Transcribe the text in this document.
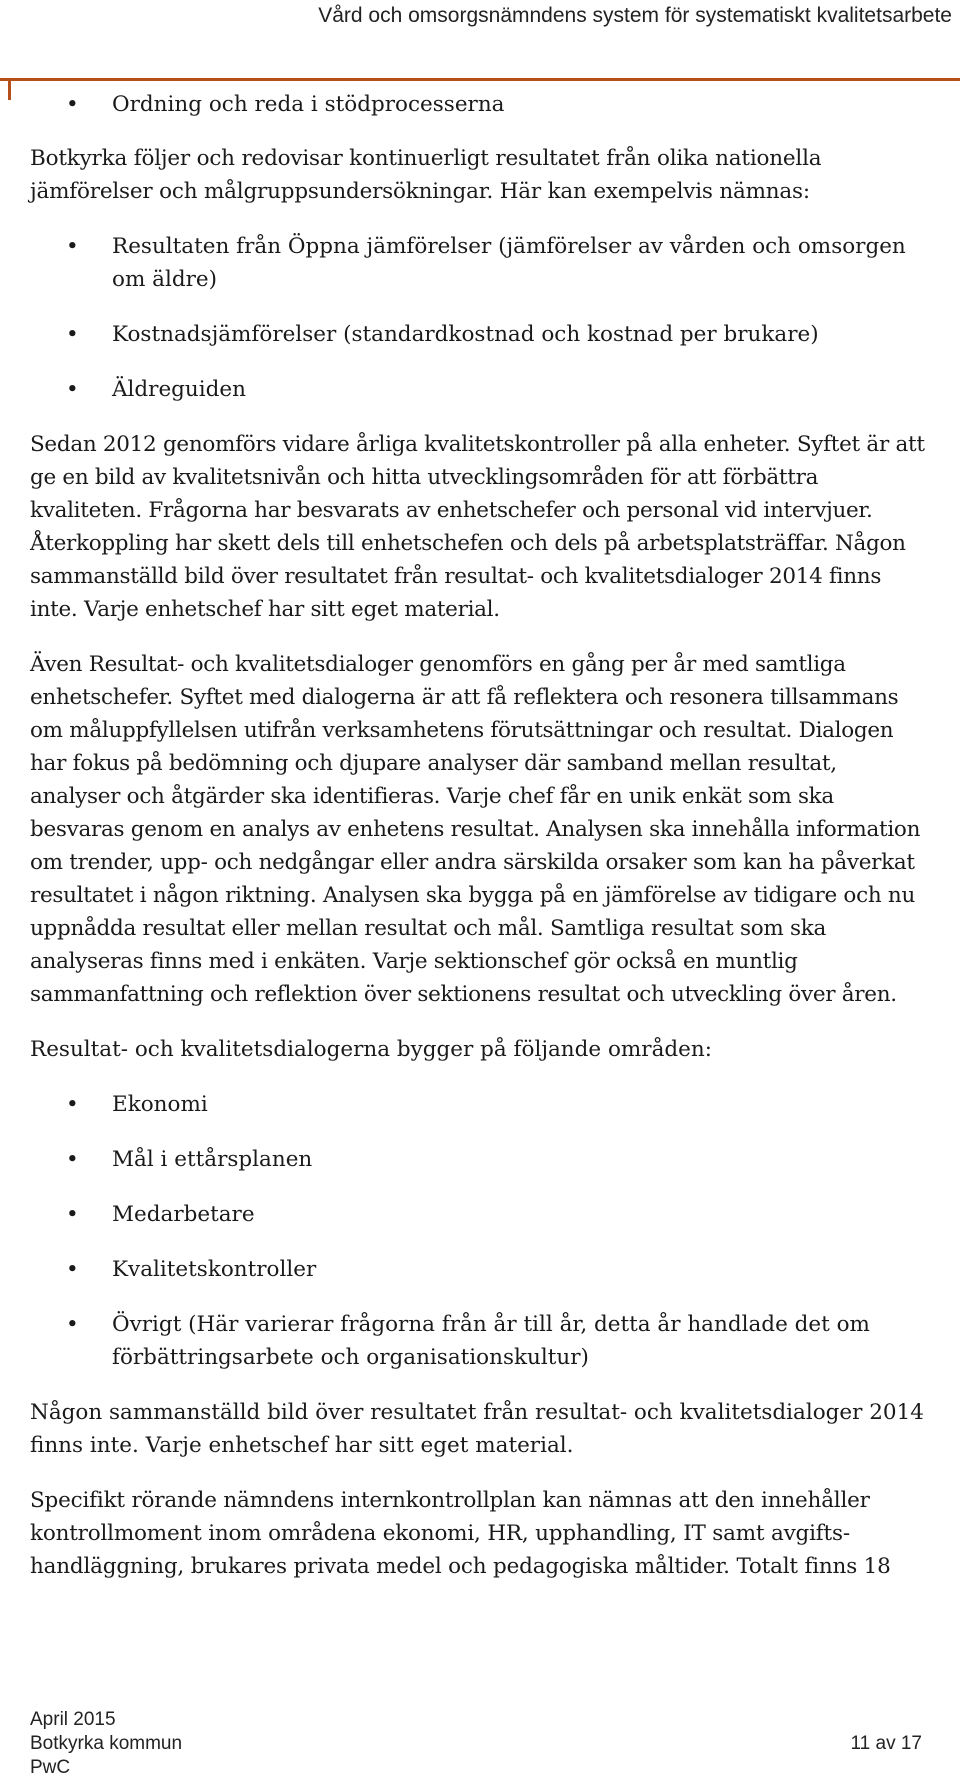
Vård och omsorgsnämndens system för systematiskt kvalitetsarbete
• Ordning och reda i stödprocesserna

Botkyrka följer och redovisar kontinuerligt resultatet från olika nationella jämförelser och målgruppsundersökningar. Här kan exempelvis nämnas:

• Resultaten från Öppna jämförelser (jämförelser av vården och omsorgen om äldre)
• Kostnadsjämförelser (standardkostnad och kostnad per brukare)
• Äldreguiden

Sedan 2012 genomförs vidare årliga kvalitetskontroller på alla enheter. Syftet är att ge en bild av kvalitetsnivån och hitta utvecklingsområden för att förbättra kvaliteten. Frågorna har besvarats av enhetschefer och personal vid intervjuer. Återkoppling har skett dels till enhetschefen och dels på arbetsplatsträffar. Någon sammanställd bild över resultatet från resultat- och kvalitetsdialoger 2014 finns inte. Varje enhetschef har sitt eget material.

Även Resultat- och kvalitetsdialoger genomförs en gång per år med samtliga enhetschefer. Syftet med dialogerna är att få reflektera och resonera tillsammans om måluppfyllelsen utifrån verksamhetens förutsättningar och resultat. Dialogen har fokus på bedömning och djupare analyser där samband mellan resultat, analyser och åtgärder ska identifieras. Varje chef får en unik enkät som ska besvaras genom en analys av enhetens resultat. Analysen ska innehålla information om trender, upp- och nedgångar eller andra särskilda orsaker som kan ha påverkat resultatet i någon riktning. Analysen ska bygga på en jämförelse av tidigare och nu uppnådda resultat eller mellan resultat och mål. Samtliga resultat som ska analyseras finns med i enkäten. Varje sektionschef gör också en muntlig sammanfattning och reflektion över sektionens resultat och utveckling över åren.

Resultat- och kvalitetsdialogerna bygger på följande områden:

• Ekonomi
• Mål i ettårsplanen
• Medarbetare
• Kvalitetskontroller
• Övrigt (Här varierar frågorna från år till år, detta år handlade det om förbättringsarbete och organisationskultur)

Någon sammanställd bild över resultatet från resultat- och kvalitetsdialoger 2014 finns inte. Varje enhetschef har sitt eget material.

Specifikt rörande nämndens internkontrollplan kan nämnas att den innehåller kontrollmoment inom områdena ekonomi, HR, upphandling, IT samt avgifts-handläggning, brukares privata medel och pedagogiska måltider. Totalt finns 18

April 2015
Botkyrka kommun
PwC
11 av 17
